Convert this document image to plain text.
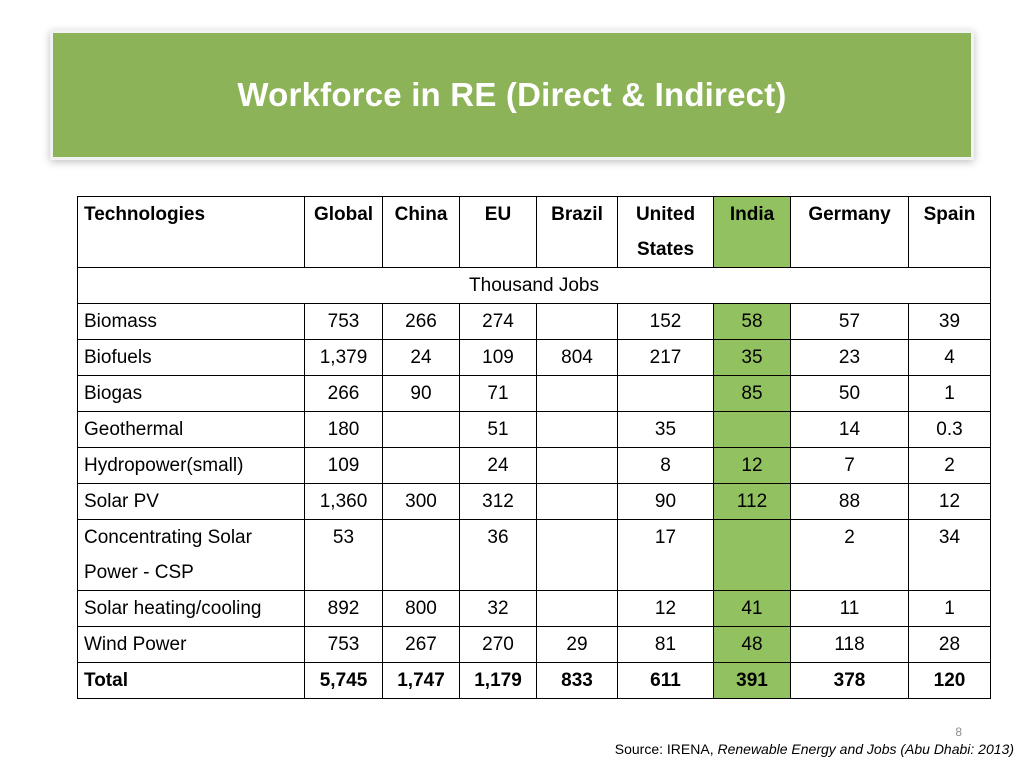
Workforce in RE (Direct & Indirect)
Technologies	Global	China	EU	Brazil	United States	India	Germany	Spain
Thousand Jobs								
Biomass	753	266	274		152	58	57	39
Biofuels	1,379	24	109	804	217	35	23	4
Biogas	266	90	71			85	50	1
Geothermal	180		51		35		14	0.3
Hydropower(small)	109		24		8	12	7	2
Solar PV	1,360	300	312		90	112	88	12
Concentrating Solar Power - CSP	53		36		17		2	34
Solar heating/cooling	892	800	32		12	41	11	1
Wind Power	753	267	270	29	81	48	118	28
Total	5,745	1,747	1,179	833	611	391	378	120
8
Source: IRENA, Renewable Energy and Jobs (Abu Dhabi: 2013)
